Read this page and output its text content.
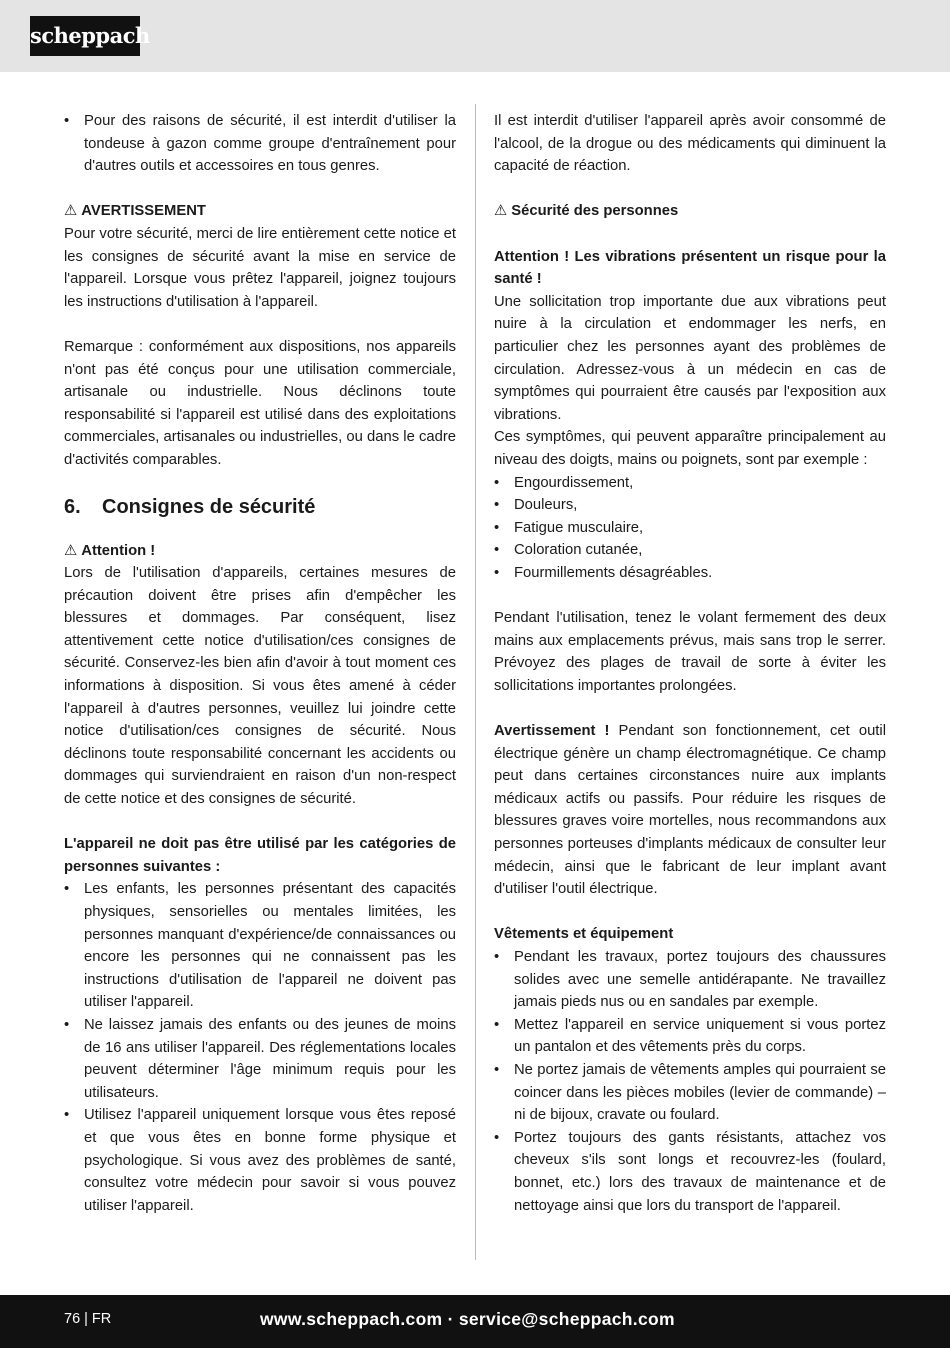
scheppach
• Pour des raisons de sécurité, il est interdit d'utiliser la tondeuse à gazon comme groupe d'entraînement pour d'autres outils et accessoires en tous genres.

⚠ AVERTISSEMENT

Pour votre sécurité, merci de lire entièrement cette notice et les consignes de sécurité avant la mise en service de l'appareil. Lorsque vous prêtez l'appareil, joignez toujours les instructions d'utilisation à l'appareil.

Remarque : conformément aux dispositions, nos appareils n'ont pas été conçus pour une utilisation commerciale, artisanale ou industrielle. Nous déclinons toute responsabilité si l'appareil est utilisé dans des exploitations commerciales, artisanales ou industrielles, ou dans le cadre d'activités comparables.

6.	Consignes de sécurité

⚠ Attention !

Lors de l'utilisation d'appareils, certaines mesures de précaution doivent être prises afin d'empêcher les blessures et dommages. Par conséquent, lisez attentivement cette notice d'utilisation/ces consignes de sécurité. Conservez-les bien afin d'avoir à tout moment ces informations à disposition. Si vous êtes amené à céder l'appareil à d'autres personnes, veuillez lui joindre cette notice d'utilisation/ces consignes de sécurité. Nous déclinons toute responsabilité concernant les accidents ou dommages qui surviendraient en raison d'un non-respect de cette notice et des consignes de sécurité.

L'appareil ne doit pas être utilisé par les catégories de personnes suivantes :

• Les enfants, les personnes présentant des capacités physiques, sensorielles ou mentales limitées, les personnes manquant d'expérience/de connaissances ou encore les personnes qui ne connaissent pas les instructions d'utilisation de l'appareil ne doivent pas utiliser l'appareil.
• Ne laissez jamais des enfants ou des jeunes de moins de 16 ans utiliser l'appareil. Des réglementations locales peuvent déterminer l'âge minimum requis pour les utilisateurs.
• Utilisez l'appareil uniquement lorsque vous êtes reposé et que vous êtes en bonne forme physique et psychologique. Si vous avez des problèmes de santé, consultez votre médecin pour savoir si vous pouvez utiliser l'appareil.

Il est interdit d'utiliser l'appareil après avoir consommé de l'alcool, de la drogue ou des médicaments qui diminuent la capacité de réaction.

⚠ Sécurité des personnes

Attention ! Les vibrations présentent un risque pour la santé !

Une sollicitation trop importante due aux vibrations peut nuire à la circulation et endommager les nerfs, en particulier chez les personnes ayant des problèmes de circulation. Adressez-vous à un médecin en cas de symptômes qui pourraient être causés par l'exposition aux vibrations.

Ces symptômes, qui peuvent apparaître principalement au niveau des doigts, mains ou poignets, sont par exemple :

• Engourdissement,
• Douleurs,
• Fatigue musculaire,
• Coloration cutanée,
• Fourmillements désagréables.

Pendant l'utilisation, tenez le volant fermement des deux mains aux emplacements prévus, mais sans trop le serrer. Prévoyez des plages de travail de sorte à éviter les sollicitations importantes prolongées.

Avertissement ! Pendant son fonctionnement, cet outil électrique génère un champ électromagnétique. Ce champ peut dans certaines circonstances nuire aux implants médicaux actifs ou passifs. Pour réduire les risques de blessures graves voire mortelles, nous recommandons aux personnes porteuses d'implants médicaux de consulter leur médecin, ainsi que le fabricant de leur implant avant d'utiliser l'outil électrique.

Vêtements et équipement

• Pendant les travaux, portez toujours des chaussures solides avec une semelle antidérapante. Ne travaillez jamais pieds nus ou en sandales par exemple.
• Mettez l'appareil en service uniquement si vous portez un pantalon et des vêtements près du corps.
• Ne portez jamais de vêtements amples qui pourraient se coincer dans les pièces mobiles (levier de commande) – ni de bijoux, cravate ou foulard.
• Portez toujours des gants résistants, attachez vos cheveux s'ils sont longs et recouvrez-les (foulard, bonnet, etc.) lors des travaux de maintenance et de nettoyage ainsi que lors du transport de l'appareil.
76 | FR	www.scheppach.com · service@scheppach.com
